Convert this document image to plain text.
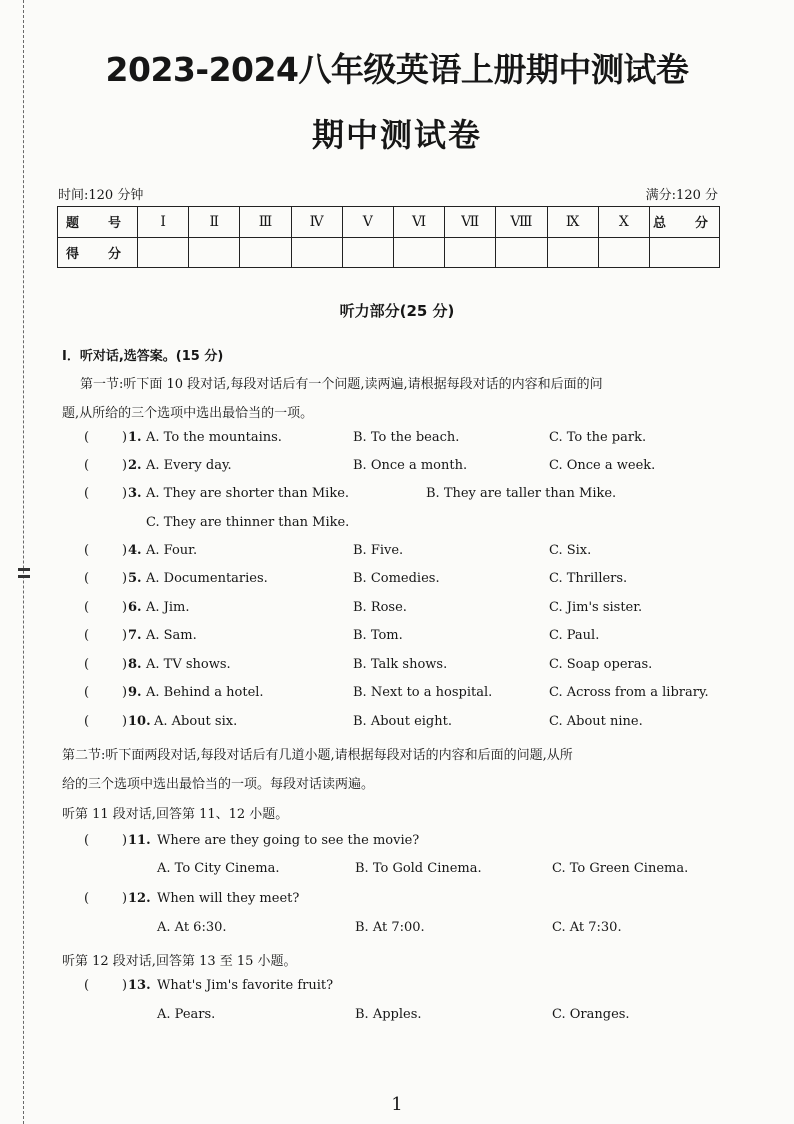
2023-2024八年级英语上册期中测试卷
期中测试卷
时间:120 分钟	满分:120 分
题　号	I	Ⅱ	Ⅲ	Ⅳ	Ⅴ	Ⅵ	Ⅶ	Ⅷ	Ⅸ	X	总　分
得　分											
听力部分(25 分)
I．听对话,选答案。(15 分)
第一节:听下面 10 段对话,每段对话后有一个问题,读两遍,请根据每段对话的内容和后面的问
题,从所给的三个选项中选出最恰当的一项。
(	) 1. A. To the mountains.	B. To the beach.	C. To the park.
(	) 2. A. Every day.	B. Once a month.	C. Once a week.
(	) 3. A. They are shorter than Mike.	B. They are taller than Mike.
C. They are thinner than Mike.
(	) 4. A. Four.	B. Five.	C. Six.
(	) 5. A. Documentaries.	B. Comedies.	C. Thrillers.
(	) 6. A. Jim.	B. Rose.	C. Jim's sister.
(	) 7. A. Sam.	B. Tom.	C. Paul.
(	) 8. A. TV shows.	B. Talk shows.	C. Soap operas.
(	) 9. A. Behind a hotel.	B. Next to a hospital.	C. Across from a library.
(	) 10. A. About six.	B. About eight.	C. About nine.
第二节:听下面两段对话,每段对话后有几道小题,请根据每段对话的内容和后面的问题,从所
给的三个选项中选出最恰当的一项。每段对话读两遍。
听第 11 段对话,回答第 11、12 小题。
(	) 11. Where are they going to see the movie?
A. To City Cinema.	B. To Gold Cinema.	C. To Green Cinema.
(	) 12. When will they meet?
A. At 6:30.	B. At 7:00.	C. At 7:30.
听第 12 段对话,回答第 13 至 15 小题。
(	) 13. What's Jim's favorite fruit?
A. Pears.	B. Apples.	C. Oranges.
1
